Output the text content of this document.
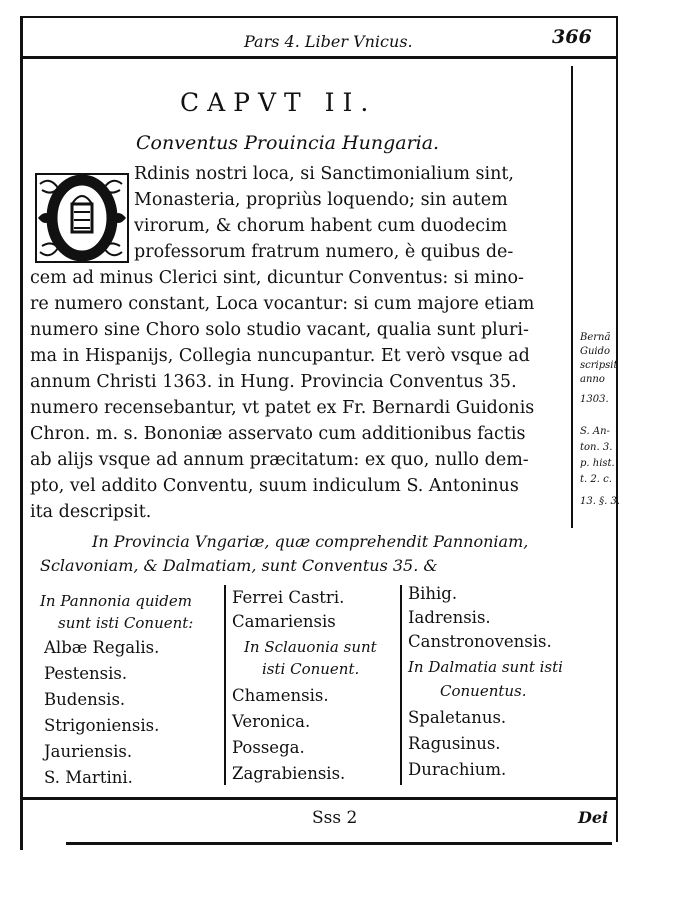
Pars 4. Liber Vnicus.	366
CAPVT II.
Conventus Prouincia Hungaria.
Rdinis nostri loca, si Sanctimonialium sint,
Monasteria, propriùs loquendo; sin autem
virorum, & chorum habent cum duodecim
professorum fratrum numero, è quibus de-
cem ad minus Clerici sint, dicuntur Conventus: si mino-
re numero constant, Loca vocantur: si cum majore etiam
numero sine Choro solo studio vacant, qualia sunt pluri-
ma in Hispanijs, Collegia nuncupantur. Et verò vsque ad
annum Christi 1363. in Hung. Provincia Conventus 35.
numero recensebantur, vt patet ex Fr. Bernardi Guidonis
Chron. m. s. Bononiæ asservato cum additionibus factis
ab alijs vsque ad annum præcitatum: ex quo, nullo dem-
pto, vel addito Conventu, suum indiculum S. Antoninus
ita descripsit.
Bernã
Guido
scripsit
anno
1303.
S. An-
ton. 3.
p. hist.
t. 2. c.
13. §. 3.
In Provincia Vngariæ, quæ comprehendit Pannoniam,
Sclavoniam, & Dalmatiam, sunt Conventus 35. &
In Pannonia quidem
sunt isti Conuent:
Albæ Regalis.
Pestensis.
Budensis.
Strigoniensis.
Jauriensis.
S. Martini.
Ferrei Castri.
Camariensis
In Sclauonia sunt
isti Conuent.
Chamensis.
Veronica.
Possega.
Zagrabiensis.
Bihig.
Iadrensis.
Canstronovensis.
In Dalmatia sunt isti
Conuentus.
Spaletanus.
Ragusinus.
Durachium.
Sss 2	Dei
